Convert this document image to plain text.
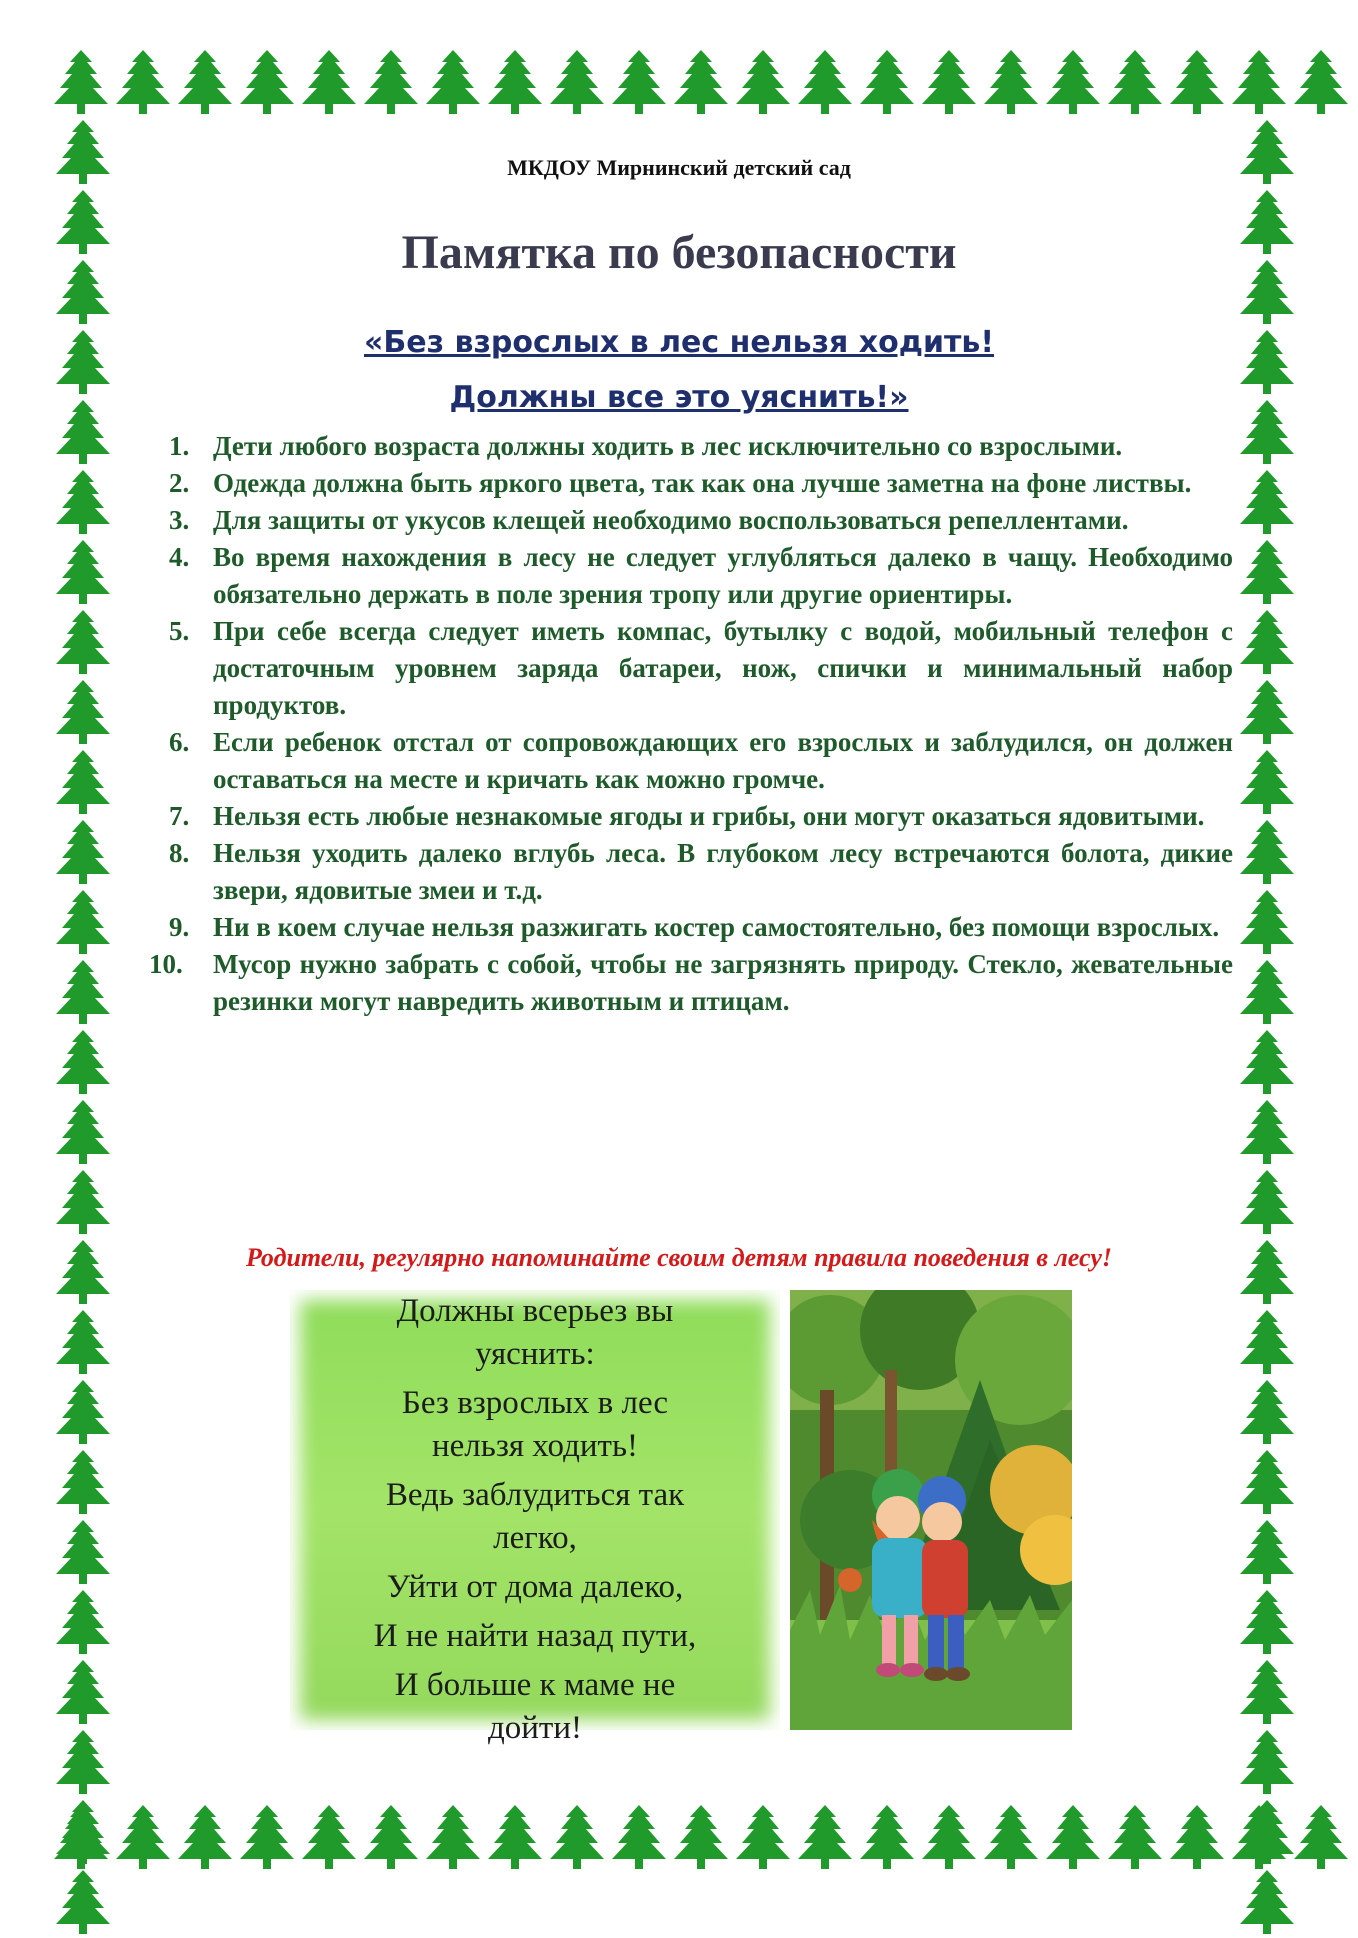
МКДОУ Мирнинский детский сад
Памятка по безопасности
«Без взрослых в лес нельзя ходить!
Должны все это уяснить!»
1. Дети любого возраста должны ходить в лес исключительно со взрослыми.
2. Одежда должна быть яркого цвета, так как она лучше заметна на фоне листвы.
3. Для защиты от укусов клещей необходимо воспользоваться репеллентами.
4. Во время нахождения в лесу не следует углубляться далеко в чащу. Необходимо обязательно держать в поле зрения тропу или другие ориентиры.
5. При себе всегда следует иметь компас, бутылку с водой, мобильный телефон с достаточным уровнем заряда батареи, нож, спички и минимальный набор продуктов.
6. Если ребенок отстал от сопровождающих его взрослых и заблудился, он должен оставаться на месте и кричать как можно громче.
7. Нельзя есть любые незнакомые ягоды и грибы, они могут оказаться ядовитыми.
8. Нельзя уходить далеко вглубь леса. В глубоком лесу встречаются болота, дикие звери, ядовитые змеи и т.д.
9. Ни в коем случае нельзя разжигать костер самостоятельно, без помощи взрослых.
10. Мусор нужно забрать с собой, чтобы не загрязнять природу. Стекло, жевательные резинки могут навредить животным и птицам.
Родители, регулярно напоминайте своим детям правила поведения в лесу!
Должны всерьез вы
уяснить:
Без взрослых в лес
нельзя ходить!
Ведь заблудиться так
легко,
Уйти от дома далеко,
И не найти назад пути,
И больше к маме не
дойти!
